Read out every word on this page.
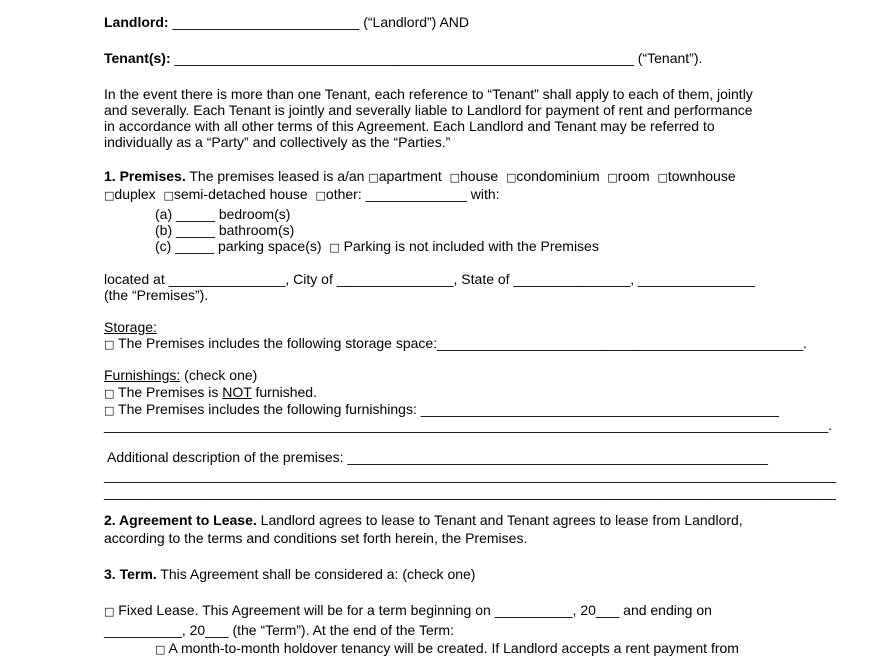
Landlord: ________________________ (“Landlord”) AND
Tenant(s): ___________________________________________________________ (“Tenant”).
In the event there is more than one Tenant, each reference to “Tenant” shall apply to each of them, jointly
and severally. Each Tenant is jointly and severally liable to Landlord for payment of rent and performance
in accordance with all other terms of this Agreement. Each Landlord and Tenant may be referred to
individually as a “Party” and collectively as the “Parties.”
1. Premises. The premises leased is a/an □apartment □house □condominium □room □townhouse
□duplex □semi-detached house □other: _____________ with:
(a) _____ bedroom(s)
(b) _____ bathroom(s)
(c) _____ parking space(s) □ Parking is not included with the Premises
located at _______________, City of _______________, State of _______________, _______________
(the “Premises”).
Storage:
□ The Premises includes the following storage space:_______________________________________________.
Furnishings: (check one)
□ The Premises is NOT furnished.
□ The Premises includes the following furnishings: ______________________________________________
_____________________________________________________________________________________________.
Additional description of the premises: ______________________________________________________
______________________________________________________________________________________________
______________________________________________________________________________________________
2. Agreement to Lease. Landlord agrees to lease to Tenant and Tenant agrees to lease from Landlord,
according to the terms and conditions set forth herein, the Premises.
3. Term. This Agreement shall be considered a: (check one)
□ Fixed Lease. This Agreement will be for a term beginning on __________, 20___ and ending on
__________, 20___ (the “Term”). At the end of the Term:
□ A month-to-month holdover tenancy will be created. If Landlord accepts a rent payment from
